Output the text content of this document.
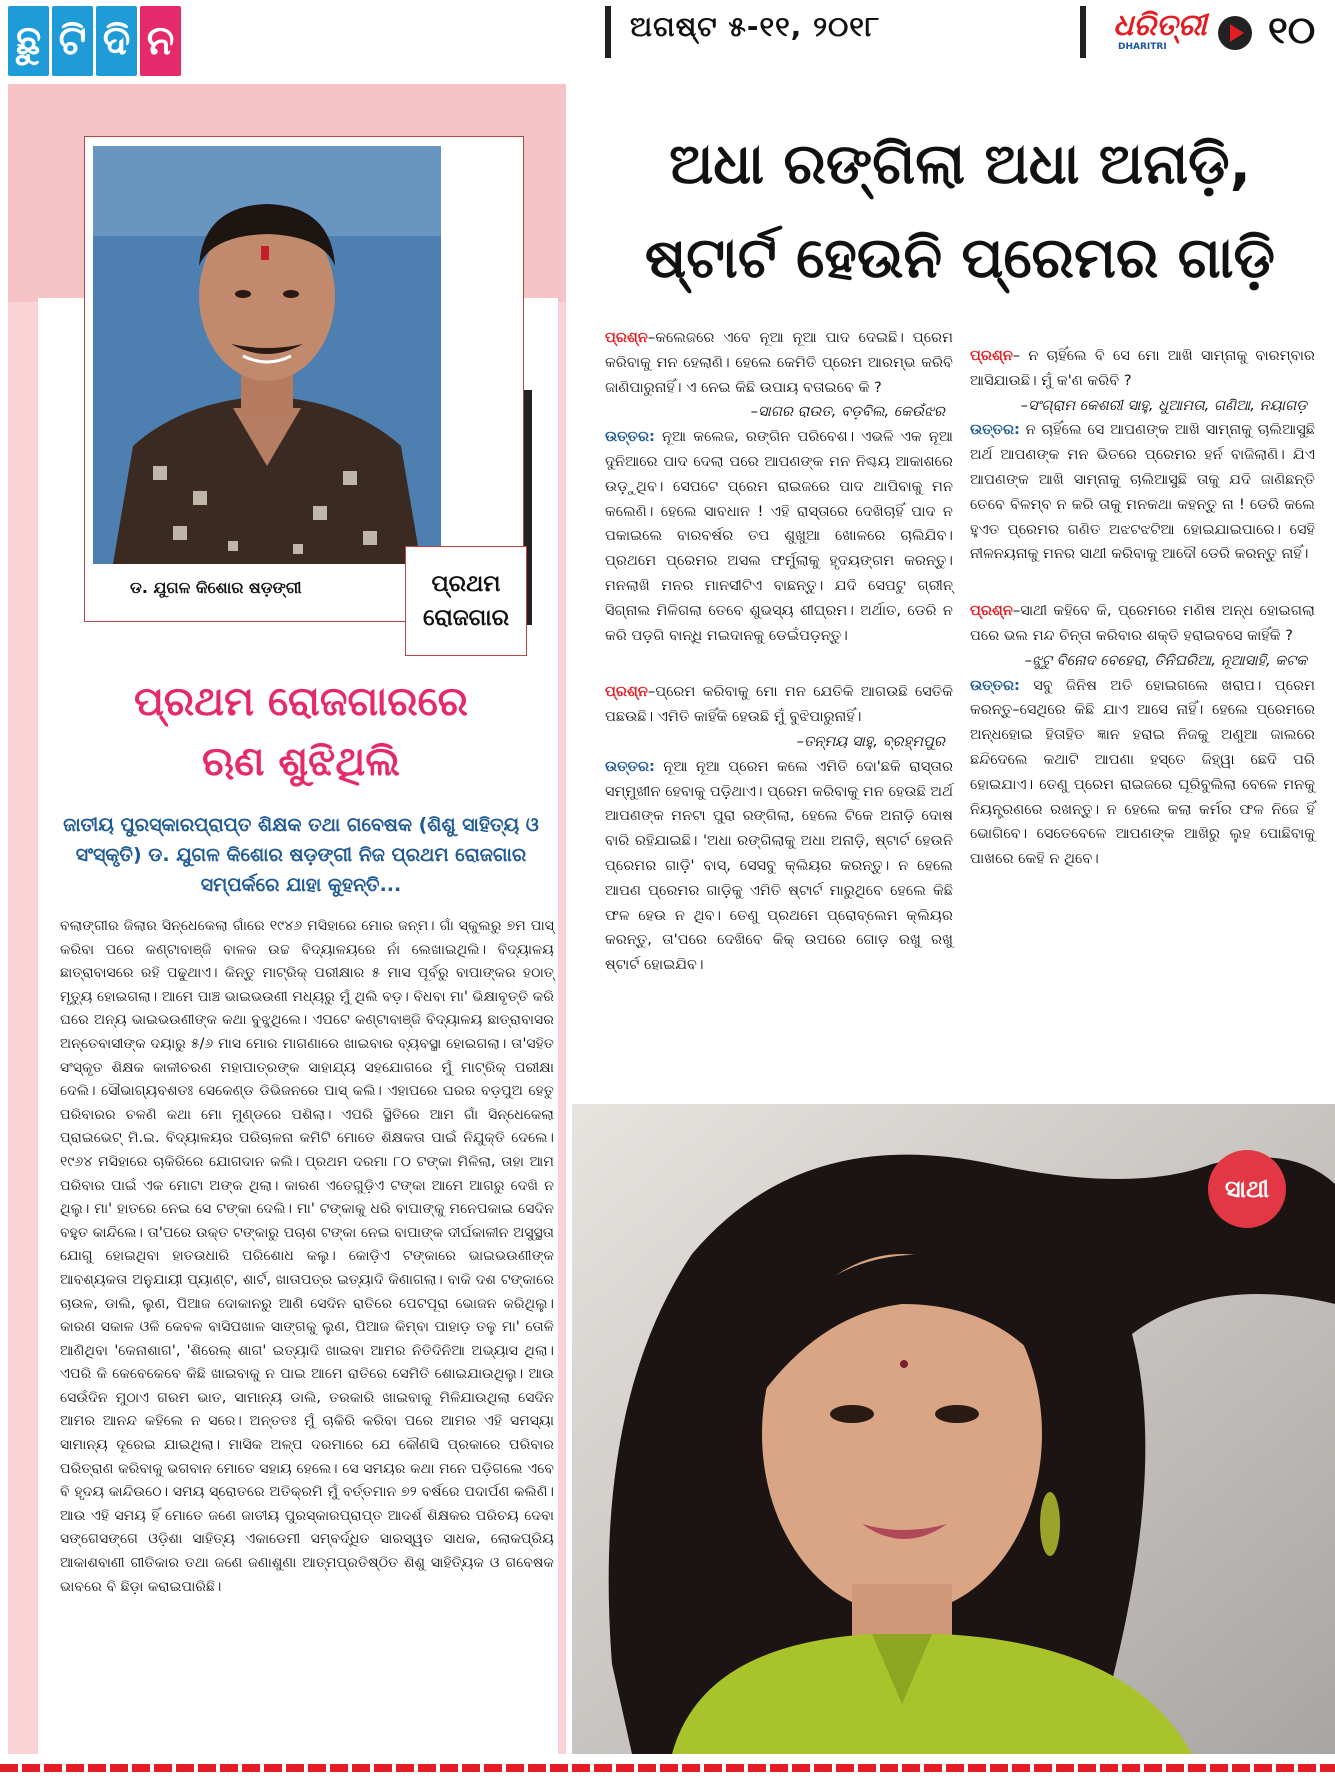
ଛୁ ଟି ଦି ନ	ଅଗଷ୍ଟ ୫-୧୧, ୨୦୧୮	ଧରିତ୍ରୀ
DHARITRI	୧୦
ଡ. ଯୁଗଳ କିଶୋର ଷଡ଼ଙ୍ଗୀ	ପ୍ରଥମ
ରୋଜଗାର
ପ୍ରଥମ ରୋଜଗାରରେ
ଋଣ ଶୁଝିଥିଲି
ଜାତୀୟ ପୁରସ୍କାରପ୍ରାପ୍ତ ଶିକ୍ଷକ ତଥା ଗବେଷକ (ଶିଶୁ ସାହିତ୍ୟ ଓ ସଂସ୍କୃତି) ଡ. ଯୁଗଳ କିଶୋର ଷଡ଼ଙ୍ଗୀ ନିଜ ପ୍ରଥମ ରୋଜଗାର ସମ୍ପର୍କରେ ଯାହା କୁହନ୍ତି...
ବଲାଙ୍ଗୀର ଜିଲାର ସିନ୍ଧେକେଲା ଗାଁରେ ୧୯୪୬ ମସିହାରେ ମୋର ଜନ୍ମ। ଗାଁ ସ୍କୁଲରୁ ୭ମ ପାସ୍ କରିବା ପରେ କଣ୍ଟାବାଞ୍ଜି ବାଳକ ଉଚ୍ଚ ବିଦ୍ୟାଳୟରେ ନାଁ ଲେଖାଇଥିଲି। ବିଦ୍ୟାଳୟ ଛାତ୍ରାବାସରେ ରହି ପଢୁଥାଏ। କିନ୍ତୁ ମାଟ୍ରିକ୍ ପରୀକ୍ଷାର ୫ ମାସ ପୂର୍ବରୁ ବାପାଙ୍କର ହଠାତ୍ ମୃତ୍ୟୁ ହୋଇଗଲା। ଆମେ ପାଞ୍ଚ ଭାଇଭଉଣୀ ମଧ୍ୟରୁ ମୁଁ ଥିଲି ବଡ଼। ବିଧବା ମା' ଭିକ୍ଷାବୃତ୍ତି କରି ଘରେ ଅନ୍ୟ ଭାଇଭଉଣୀଙ୍କ କଥା ବୁଝୁଥିଲେ। ଏପଟେ କଣ୍ଟାବାଞ୍ଜି ବିଦ୍ୟାଳୟ ଛାତ୍ରାବାସର ଅନ୍ତେବାସୀଙ୍କ ଦୟାରୁ ୫/୬ ମାସ ମୋର ମାଗଣାରେ ଖାଇବାର ବ୍ୟବସ୍ଥା ହୋଇଗଲା। ତା'ସହିତ ସଂସ୍କୃତ ଶିକ୍ଷକ କାଳୀଚରଣ ମହାପାତ୍ରଙ୍କ ସାହାଯ୍ୟ ସହଯୋଗରେ ମୁଁ ମାଟ୍ରିକ୍ ପରୀକ୍ଷା ଦେଲି। ସୌଭାଗ୍ୟବଶତଃ ସେକେଣ୍ଡ ଡିଭିଜନରେ ପାସ୍ କଲି। ଏହାପରେ ଘରର ବଡ଼ପୁଅ ହେତୁ ପରିବାରର ଚଳଣି କଥା ମୋ ମୁଣ୍ଡରେ ପଶିଲା। ଏପରି ସ୍ଥିତିରେ ଆମ ଗାଁ ସିନ୍ଧେକେଲା ପ୍ରାଇଭେଟ୍ ମି.ଇ. ବିଦ୍ୟାଳୟର ପରିଚାଳନା କମିଟି ମୋତେ ଶିକ୍ଷକତା ପାଇଁ ନିଯୁକ୍ତି ଦେଲେ। ୧୯୬୪ ମସିହାରେ ଚାକିରିରେ ଯୋଗଦାନ କଲି। ପ୍ରଥମ ଦରମା ୮୦ ଟଙ୍କା ମିଳିଲା, ତାହା ଆମ ପରିବାର ପାଇଁ ଏକ ମୋଟା ଅଙ୍କ ଥିଲା। କାରଣ ଏତେଗୁଡ଼ିଏ ଟଙ୍କା ଆମେ ଆଗରୁ ଦେଖି ନ ଥିଲୁ। ମା' ହାତରେ ନେଇ ସେ ଟଙ୍କା ଦେଲି। ମା' ଟଙ୍କାକୁ ଧରି ବାପାଙ୍କୁ ମନେପକାଇ ସେଦିନ ବହୁତ କାନ୍ଦିଲେ। ତା'ପରେ ଉକ୍ତ ଟଙ୍କାରୁ ପଚାଶ ଟଙ୍କା ନେଇ ବାପାଙ୍କ ଦୀର୍ଘକାଳୀନ ଅସୁସ୍ଥତା ଯୋଗୁ ହୋଇଥିବା ହାତଉଧାରି ପରିଶୋଧ କଲୁ। କୋଡ଼ିଏ ଟଙ୍କାରେ ଭାଇଭଉଣୀଙ୍କ ଆବଶ୍ୟକତା ଅନୁଯାୟୀ ପ୍ୟାଣ୍ଟ, ଶାର୍ଟ, ଖାତାପତ୍ର ଇତ୍ୟାଦି କିଣାଗଲା। ବାକି ଦଶ ଟଙ୍କାରେ ଚାଉଳ, ଡାଲି, ଲୁଣ, ପିଆଜ ଦୋକାନରୁ ଆଣି ସେଦିନ ରାତିରେ ପେଟପୂରା ଭୋଜନ କରିଥିଲୁ। କାରଣ ସକାଳ ଓଳି କେବଳ ବାସିପଖାଳ ସାଙ୍ଗକୁ ଲୁଣ, ପିଆଜ କିମ୍ବା ପାହାଡ଼ ତଳୁ ମା' ତୋଳି ଆଣିଥିବା 'କେନାଶାଗ', 'ଶିରେଲ୍ ଶାଗ' ଇତ୍ୟାଦି ଖାଇବା ଆମର ନିତିଦିନିଆ ଅଭ୍ୟାସ ଥିଲା। ଏପରି କି କେବେକେବେ କିଛି ଖାଇବାକୁ ନ ପାଇ ଆମେ ରାତିରେ ସେମିତି ଶୋଇଯାଉଥିଲୁ। ଆଉ ସେଉଁଦିନ ମୁଠାଏ ଗରମ ଭାତ, ସାମାନ୍ୟ ଡାଲି, ତରକାରି ଖାଇବାକୁ ମିଳିଯାଉଥିଲା ସେଦିନ ଆମର ଆନନ୍ଦ କହିଲେ ନ ସରେ। ଅନ୍ତତଃ ମୁଁ ଚାକିରି କରିବା ପରେ ଆମର ଏହି ସମସ୍ୟା ସାମାନ୍ୟ ଦୂରେଇ ଯାଇଥିଲା। ମାସିକ ଅଳ୍ପ ଦରମାରେ ଯେ କୌଣସି ପ୍ରକାରେ ପରିବାର ପରିତ୍ରାଣ କରିବାକୁ ଭଗବାନ ମୋତେ ସହାୟ ହେଲେ। ସେ ସମୟର କଥା ମନେ ପଡ଼ିଗଲେ ଏବେ ବି ହୃଦୟ କାନ୍ଦିଉଠେ। ସମୟ ସ୍ରୋତରେ ଅତିକ୍ରମି ମୁଁ ବର୍ତ୍ତମାନ ୭୨ ବର୍ଷରେ ପଦାର୍ପଣ କଲିଣି। ଆଉ ଏହି ସମୟ ହିଁ ମୋତେ ଜଣେ ଜାତୀୟ ପୁରସ୍କାରପ୍ରାପ୍ତ ଆଦର୍ଶ ଶିକ୍ଷକର ପରିଚୟ ଦେବା ସଙ୍ଗେସଙ୍ଗେ ଓଡ଼ିଶା ସାହିତ୍ୟ ଏକାଡେମୀ ସମ୍ବର୍ଦ୍ଧିତ ସାରସ୍ୱତ ସାଧକ, ଲୋକପ୍ରିୟ ଆକାଶବାଣୀ ଗୀତିକାର ତଥା ଜଣେ ଜଣାଶୁଣା ଆତ୍ମପ୍ରତିଷ୍ଠିତ ଶିଶୁ ସାହିତ୍ୟିକ ଓ ଗବେଷକ ଭାବରେ ବି ଛିଡ଼ା କରାଇପାରିଛି।
ଅଧା ରଙ୍ଗିଲା ଅଧା ଅନାଡ଼ି,
ଷ୍ଟାର୍ଟ ହେଉନି ପ୍ରେମର ଗାଡ଼ି
ପ୍ରଶ୍ନ–କଲେଜରେ ଏବେ ନୂଆ ନୂଆ ପାଦ ଦେଇଛି। ପ୍ରେମ କରିବାକୁ ମନ ହେଲାଣି। ହେଲେ କେମିତି ପ୍ରେମ ଆରମ୍ଭ କରିବି ଜାଣିପାରୁନାହିଁ। ଏ ନେଇ କିଛି ଉପାୟ ବତାଇବେ କି ?
–ସାଗର ରାଉତ, ବଡ଼ବିଲ, କେଉଁଝର
ଉତ୍ତର: ନୂଆ କଲେଜ, ରଙ୍ଗିନ ପରିବେଶ। ଏଭଳି ଏକ ନୂଆ ଦୁନିଆରେ ପାଦ ଦେଲା ପରେ ଆପଣଙ୍କ ମନ ନିଶ୍ଚୟ ଆକାଶରେ ଉଡ଼ୁଥିବ। ସେପଟେ ପ୍ରେମ ରାଇଜରେ ପାଦ ଥାପିବାକୁ ମନ କଲେଣି। ହେଲେ ସାବଧାନ ! ଏହି ରାସ୍ତାରେ ଦେଖିଚାହିଁ ପାଦ ନ ପକାଇଲେ ବାରବର୍ଷର ତପ ଶୁଖୁଆ ଖୋଳରେ ଚାଲିଯିବ। ପ୍ରଥମେ ପ୍ରେମର ଅସଲ ଫର୍ମୁଲାକୁ ହୃଦୟଙ୍ଗମ କରନ୍ତୁ। ମନଲାଖି ମନର ମାନସୀଟିଏ ବାଛନ୍ତୁ। ଯଦି ସେପଟୁ ଗ୍ରୀନ୍ ସିଗ୍ନାଲ ମିଳିଗଲା ତେବେ ଶୁଭସ୍ୟ ଶୀଘ୍ରମ। ଅର୍ଥାତ, ଡେରି ନ କରି ପଡ଼ଗି ବାନ୍ଧି ମଇଦାନକୁ ଡେଇଁପଡ଼ନ୍ତୁ।
ପ୍ରଶ୍ନ–ପ୍ରେମ କରିବାକୁ ମୋ ମନ ଯେତିକି ଆଗଉଛି ସେତିକି ପଛଉଛି। ଏମିତି କାହିଁକି ହେଉଛି ମୁଁ ବୁଝିପାରୁନାହିଁ।
–ତନ୍ମୟ ସାହୁ, ବ୍ରହ୍ମପୁର
ଉତ୍ତର: ନୂଆ ନୂଆ ପ୍ରେମ କଲେ ଏମିତି ଦୋ'ଛକି ରାସ୍ତାର ସମ୍ମୁଖୀନ ହେବାକୁ ପଡ଼ିଥାଏ। ପ୍ରେମ କରିବାକୁ ମନ ହେଉଛି ଅର୍ଥ ଆପଣଙ୍କ ମନଟା ପୁରା ରଙ୍ଗିଲା, ହେଲେ ଟିକେ ଅନାଡ଼ି ଦୋଷ ବାରି ରହିଯାଇଛି। 'ଅଧା ରଙ୍ଗିଲାକୁ ଅଧା ଅନାଡ଼ି, ଷ୍ଟାର୍ଟ ହେଉନି ପ୍ରେମର ଗାଡ଼ି' ବାସ୍, ସେସବୁ କ୍ଲିୟର କରନ୍ତୁ। ନ ହେଲେ ଆପଣ ପ୍ରେମର ଗାଡ଼ିକୁ ଏମିତି ଷ୍ଟାର୍ଟ ମାରୁଥିବେ ହେଲେ କିଛି ଫଳ ହେଉ ନ ଥିବ। ତେଣୁ ପ୍ରଥମେ ପ୍ରୋବ୍ଲେମ କ୍ଲିୟର କରନ୍ତୁ, ତା'ପରେ ଦେଖିବେ କିକ୍ ଉପରେ ଗୋଡ଼ ରଖୁ ରଖୁ ଷ୍ଟାର୍ଟ ହୋଇଯିବ।
ପ୍ରଶ୍ନ– ନ ଚାହିଁଲେ ବି ସେ ମୋ ଆଖି ସାମ୍ନାକୁ ବାରମ୍ବାର ଆସିଯାଉଛି। ମୁଁ କ'ଣ କରିବି ?
–ସଂଗ୍ରାମ କେଶରୀ ସାହୁ, ଧୁଆମତା, ଗଣିଆ, ନୟାଗଡ଼
ଉତ୍ତର: ନ ଚାହିଁଲେ ସେ ଆପଣଙ୍କ ଆଖି ସାମ୍ନାକୁ ଚାଲିଆସୁଛି ଅର୍ଥ ଆପଣଙ୍କ ମନ ଭିତରେ ପ୍ରେମର ହର୍ନ ବାଜିଲାଣି। ଯିଏ ଆପଣଙ୍କ ଆଖି ସାମ୍ନାକୁ ଚାଲିଆସୁଛି ତାକୁ ଯଦି ଜାଣିଛନ୍ତି ତେବେ ବିଳମ୍ବ ନ କରି ତାକୁ ମନକଥା କହନ୍ତୁ ନା ! ଡେରି କଲେ ହୁଏତ ପ୍ରେମର ଗଣିତ ଅଝଟଝଟିଆ ହୋଇଯାଇପାରେ। ସେହି ନୀଳନୟନାକୁ ମନର ସାଥୀ କରିବାକୁ ଆଦୌ ଡେରି କରନ୍ତୁ ନାହିଁ।
ପ୍ରଶ୍ନ–ସାଥୀ କହିବେ କି, ପ୍ରେମରେ ମଣିଷ ଅନ୍ଧ ହୋଇଗଲା ପରେ ଭଲ ମନ୍ଦ ଚିନ୍ତା କରିବାର ଶକ୍ତି ହରାଇବସେ କାହିଁକି ?
–ଝୁଟୁ ବିନୋଦ ବେହେରା, ତିନିଘରିଆ, ନୂଆସାହି, କଟକ
ଉତ୍ତର: ସବୁ ଜିନିଷ ଅତି ହୋଇଗଲେ ଖରାପ। ପ୍ରେମ କରନ୍ତୁ–ସେଥିରେ କିଛି ଯାଏ ଆସେ ନାହିଁ। ହେଲେ ପ୍ରେମରେ ଅନ୍ଧହୋଇ ହିତାହିତ ଜ୍ଞାନ ହରାଇ ନିଜକୁ ଅଣୁଆ ଜାଲରେ ଛନ୍ଦିଦେଲେ କଥାଟି ଆପଣା ହସ୍ତେ ଜିହ୍ୱା ଛେଦି ପରି ହୋଇଯାଏ। ତେଣୁ ପ୍ରେମ ରାଇଜରେ ଘୂରିବୁଲିଲା ବେଳେ ମନକୁ ନିୟନ୍ତ୍ରଣରେ ରଖନ୍ତୁ। ନ ହେଲେ କଲା କର୍ମର ଫଳ ନିଜେ ହିଁ ଭୋଗିବେ। ସେତେବେଳେ ଆପଣଙ୍କ ଆଖିରୁ ଲୁହ ପୋଛିବାକୁ ପାଖରେ କେହି ନ ଥିବେ।
ସାଥୀ
